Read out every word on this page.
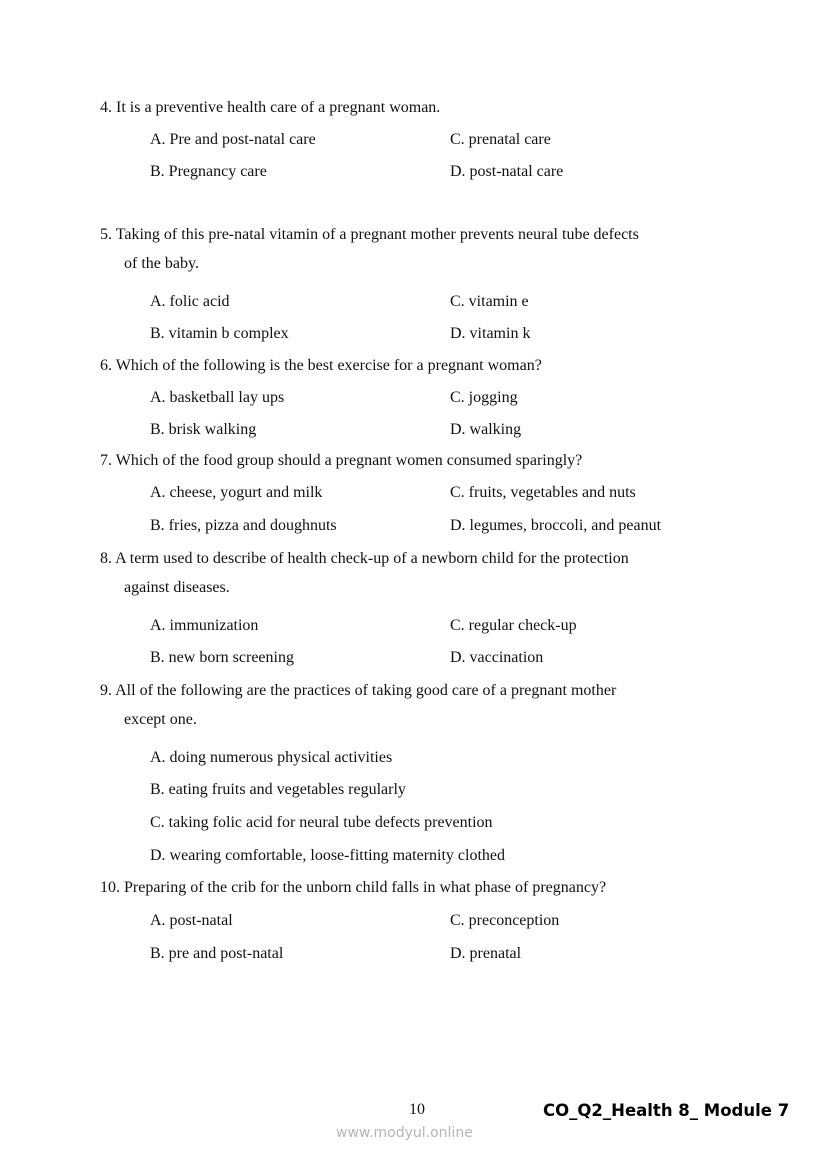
4. It is a preventive health care of a pregnant woman.
A. Pre and post-natal care	C. prenatal care
B. Pregnancy care	D. post-natal care
5. Taking of this pre-natal vitamin of a pregnant mother prevents neural tube defects
of the baby.
A. folic acid	C. vitamin e
B. vitamin b complex	D. vitamin k
6. Which of the following is the best exercise for a pregnant woman?
A. basketball lay ups	C. jogging
B. brisk walking	D. walking
7. Which of the food group should a pregnant women consumed sparingly?
A. cheese, yogurt and milk	C. fruits, vegetables and nuts
B. fries, pizza and doughnuts	D. legumes, broccoli, and peanut
8. A term used to describe of health check-up of a newborn child for the protection
against diseases.
A. immunization	C. regular check-up
B. new born screening	D. vaccination
9. All of the following are the practices of taking good care of a pregnant mother
except one.
A. doing numerous physical activities
B. eating fruits and vegetables regularly
C. taking folic acid for neural tube defects prevention
D. wearing comfortable, loose-fitting maternity clothed
10. Preparing of the crib for the unborn child falls in what phase of pregnancy?
A. post-natal	C. preconception
B. pre and post-natal	D. prenatal
10	CO_Q2_Health 8_ Module 7
www.modyul.online
